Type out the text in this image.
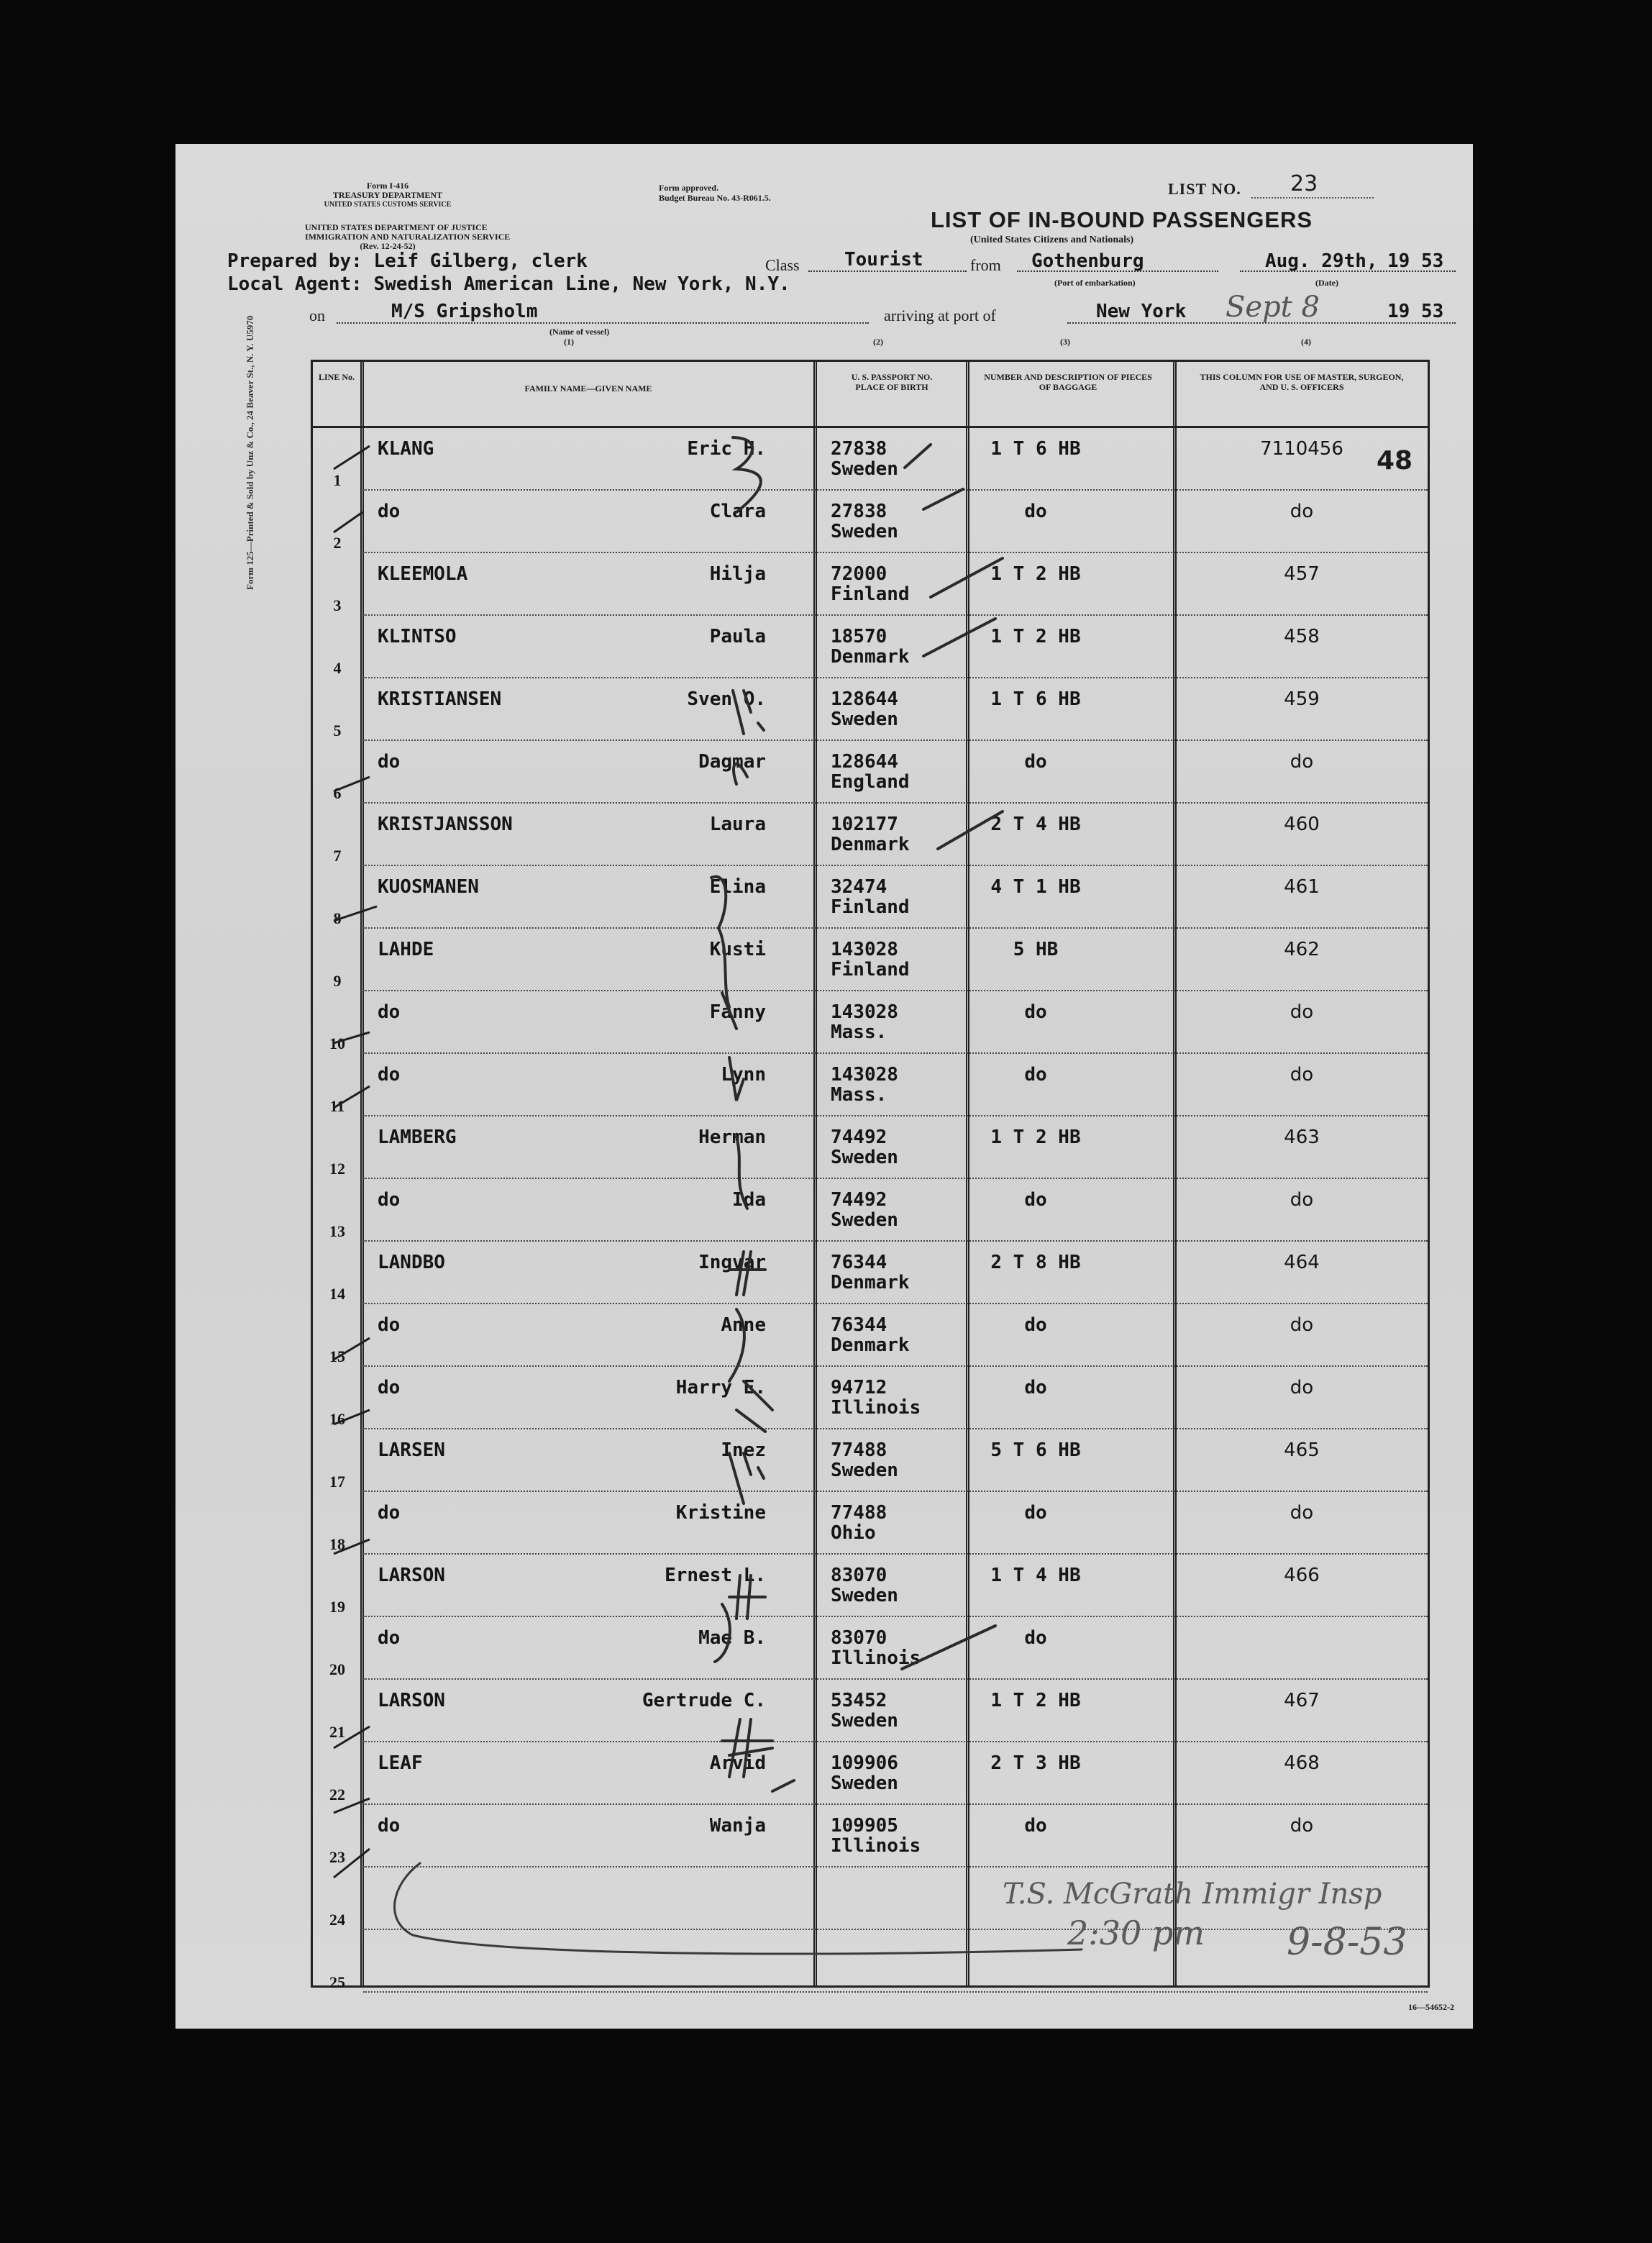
Form 125—Printed & Sold by Unz & Co., 24 Beaver St., N. Y. U5970
Form I-416
TREASURY DEPARTMENT
UNITED STATES CUSTOMS SERVICE
UNITED STATES DEPARTMENT OF JUSTICE
IMMIGRATION AND NATURALIZATION SERVICE
(Rev. 12-24-52)
Form approved.
Budget Bureau No. 43-R061.5.	LIST NO. 23
LIST OF IN-BOUND PASSENGERS
(United States Citizens and Nationals)
Prepared by: Leif Gilberg, clerk
Local Agent: Swedish American Line, New York, N.Y.
Class Tourist	from Gothenburg
(Port of embarkation)
Aug. 29th, 19 53
(Date)
on	M/S Gripsholm
(Name of vessel)
(1)
arriving at port of	New York Sept 8	19 53
(2)	(3)	(4)
LINE No.
FAMILY NAME—GIVEN NAME
U. S. PASSPORT NO. PLACE OF BIRTH
NUMBER AND DESCRIPTION OF PIECES OF BAGGAGE
THIS COLUMN FOR USE OF MASTER, SURGEON, AND U. S. OFFICERS
1
KLANG	Eric H.	27838
Sweden
1 T 6 HB	7110456
2
do	Clara	27838
Sweden
do	do
3
KLEEMOLA	Hilja	72000
Finland
1 T 2 HB	457
4
KLINTSO	Paula	18570
Denmark
1 T 2 HB	458
5
KRISTIANSEN	Sven O.	128644
Sweden
1 T 6 HB	459
6
do	Dagmar	128644
England
do	do
7
KRISTJANSSON	Laura	102177
Denmark
2 T 4 HB	460
8
KUOSMANEN	Elina	32474
Finland
4 T 1 HB	461
9
LAHDE	Kusti	143028
Finland
5 HB	462
10
do	Fanny	143028
Mass.
do	do
11
do	Lynn	143028
Mass.
do	do
12
LAMBERG	Herman	74492
Sweden
1 T 2 HB	463
13
do	Ida	74492
Sweden
do	do
14
LANDBO	Ingvar	76344
Denmark
2 T 8 HB	464
15
do	Anne	76344
Denmark
do	do
16
do	Harry E.	94712
Illinois
do	do
17
LARSEN	Inez	77488
Sweden
5 T 6 HB	465
18
do	Kristine	77488
Ohio
do	do
19
LARSON	Ernest L.	83070
Sweden
1 T 4 HB	466
20
do	Mae B.	83070
Illinois
do
21
LARSON	Gertrude C.	53452
Sweden
1 T 2 HB	467
22
LEAF	Arvid	109906
Sweden
2 T 3 HB	468
23
do	Wanja	109905
Illinois
do	do
24
25
48
T.S. McGrath Immigr Insp
2:30 pm 9-8-53
16—54652-2
